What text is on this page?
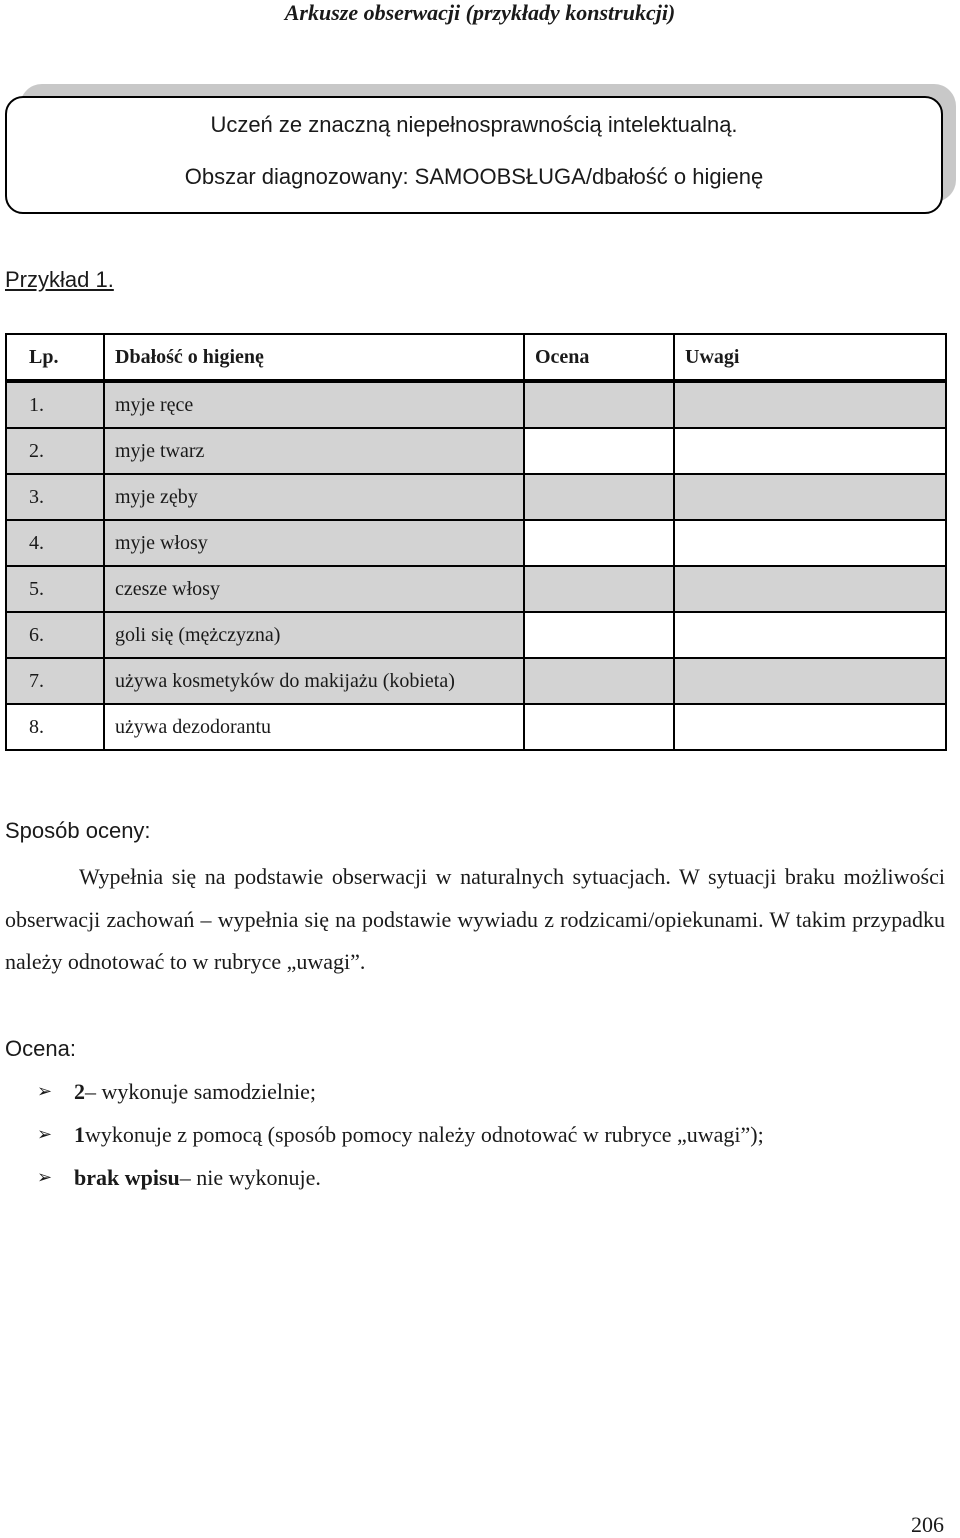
Arkusze obserwacji (przykłady konstrukcji)
Uczeń ze znaczną niepełnosprawnością intelektualną.
Obszar diagnozowany: SAMOOBSŁUGA/dbałość o higienę
Przykład 1.
Lp.	Dbałość o higienę	Ocena	Uwagi
1.	myje ręce		
2.	myje twarz		
3.	myje zęby		
4.	myje włosy		
5.	czesze włosy		
6.	goli się (mężczyzna)		
7.	używa kosmetyków do makijażu (kobieta)		
8.	używa dezodorantu		
Sposób oceny:
Wypełnia się na podstawie obserwacji w naturalnych sytuacjach. W sytuacji braku możliwości obserwacji zachowań – wypełnia się na podstawie wywiadu z rodzicami/opiekunami. W takim przypadku należy odnotować to w rubryce „uwagi”.
Ocena:
➢ 2 – wykonuje samodzielnie;
➢ 1 wykonuje z pomocą (sposób pomocy należy odnotować w rubryce „uwagi”);
➢ brak wpisu – nie wykonuje.
206
